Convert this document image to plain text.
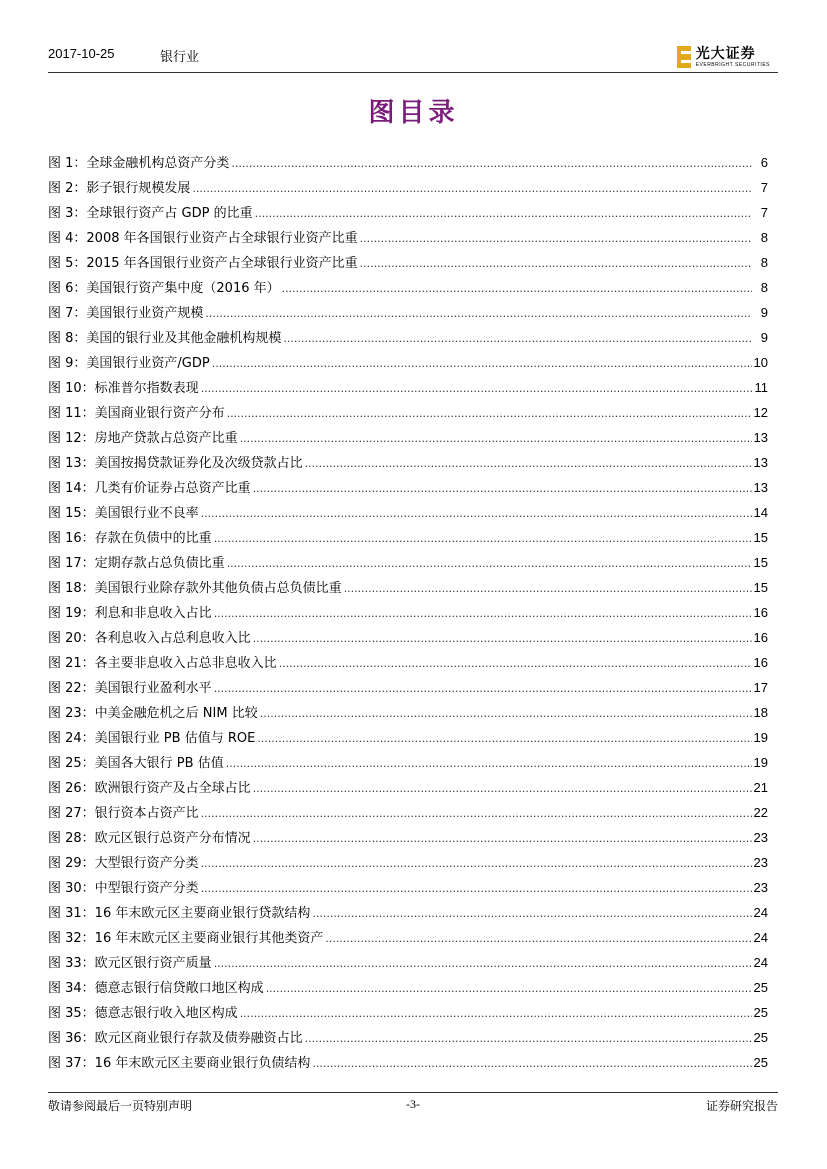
2017-10-25	银行业	光大证券
EVERBRIGHT SECURITIES
图目录
图 1：全球金融机构总资产分类 .....	6
图 2：影子银行规模发展 .....	7
图 3：全球银行资产占 GDP 的比重 .....	7
图 4：2008 年各国银行业资产占全球银行业资产比重 .....	8
图 5：2015 年各国银行业资产占全球银行业资产比重 .....	8
图 6：美国银行资产集中度（2016 年） .....	8
图 7：美国银行业资产规模 .....	9
图 8：美国的银行业及其他金融机构规模 .....	9
图 9：美国银行业资产/GDP .....	10
图 10：标准普尔指数表现 .....	11
图 11：美国商业银行资产分布 .....	12
图 12：房地产贷款占总资产比重 .....	13
图 13：美国按揭贷款证券化及次级贷款占比 .....	13
图 14：几类有价证券占总资产比重 .....	13
图 15：美国银行业不良率 .....	14
图 16：存款在负债中的比重 .....	15
图 17：定期存款占总负债比重 .....	15
图 18：美国银行业除存款外其他负债占总负债比重 .....	15
图 19：利息和非息收入占比 .....	16
图 20：各利息收入占总利息收入比 .....	16
图 21：各主要非息收入占总非息收入比 .....	16
图 22：美国银行业盈利水平 .....	17
图 23：中美金融危机之后 NIM 比较 .....	18
图 24：美国银行业 PB 估值与 ROE .....	19
图 25：美国各大银行 PB 估值 .....	19
图 26：欧洲银行资产及占全球占比 .....	21
图 27：银行资本占资产比 .....	22
图 28：欧元区银行总资产分布情况 .....	23
图 29：大型银行资产分类 .....	23
图 30：中型银行资产分类 .....	23
图 31：16 年末欧元区主要商业银行贷款结构 .....	24
图 32：16 年末欧元区主要商业银行其他类资产 .....	24
图 33：欧元区银行资产质量 .....	24
图 34：德意志银行信贷敞口地区构成 .....	25
图 35：德意志银行收入地区构成 .....	25
图 36：欧元区商业银行存款及债券融资占比 .....	25
图 37：16 年末欧元区主要商业银行负债结构 .....	25
敬请参阅最后一页特别声明	-3-	证券研究报告
